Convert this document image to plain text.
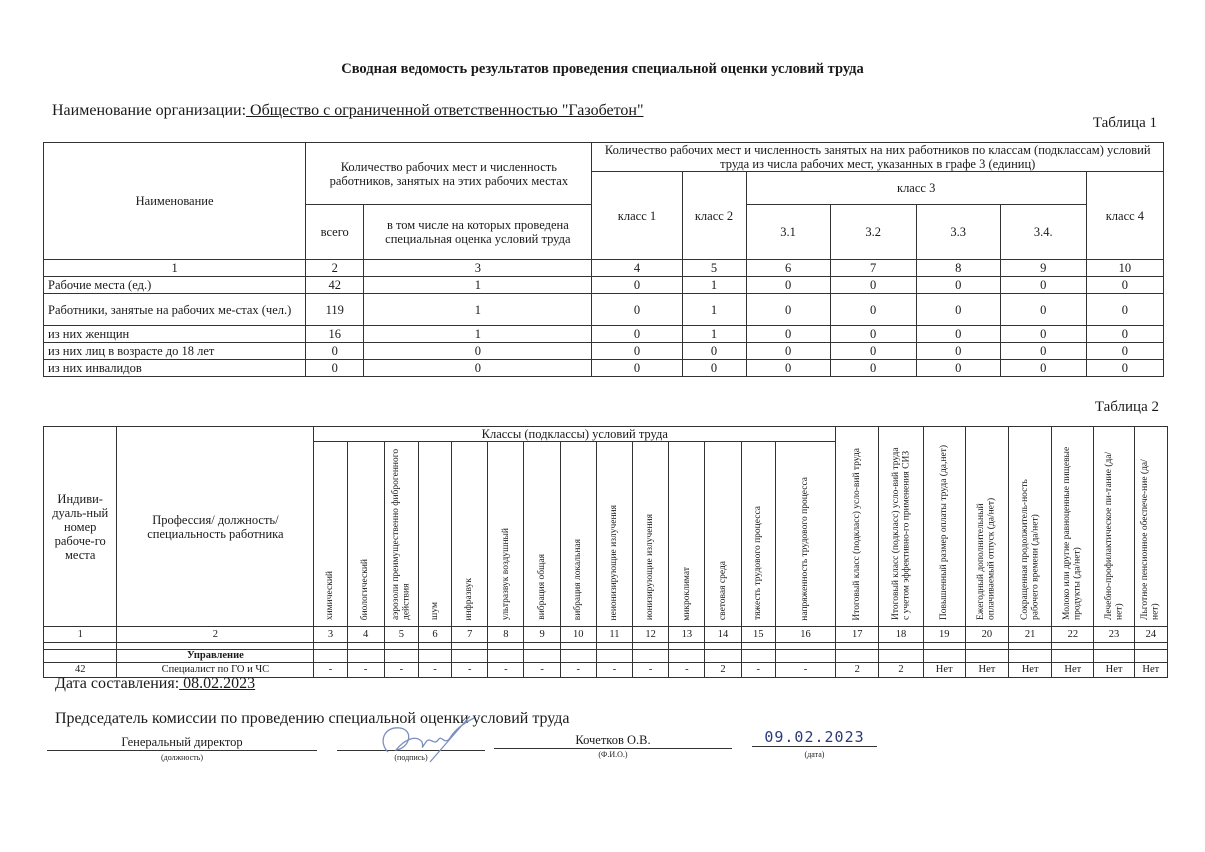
Сводная ведомость результатов проведения специальной оценки условий труда
Наименование организации: Общество с ограниченной ответственностью "Газобетон"
Таблица 1
Наименование	Количество рабочих мест и численность работников, занятых на этих рабочих местах		Количество рабочих мест и численность занятых на них работников по классам (подклассам) условий труда из числа рабочих мест, указанных в графе 3 (единиц)						
			класс 1	класс 2	класс 3				класс 4
	всего	в том числе на которых проведена специальная оценка условий труда			3.1	3.2	3.3	3.4.	
1	2	3	4	5	6	7	8	9	10
Рабочие места (ед.)	42	1	0	1	0	0	0	0	0
Работники, занятые на рабочих ме-стах (чел.)	119	1	0	1	0	0	0	0	0
из них женщин	16	1	0	1	0	0	0	0	0
из них лиц в возрасте до 18 лет	0	0	0	0	0	0	0	0	0
из них инвалидов	0	0	0	0	0	0	0	0	0
Таблица 2
Индиви-дуаль-ный номер рабоче-го места	Профессия/ должность/ специальность работника	Классы (подклассы) условий труда														Итоговый класс (подкласс) усло-вий труда	Итоговый класс (подкласс) усло-вий труда с учетом эффективно-го применения СИЗ	Повышенный размер оплаты труда (да,нет)	Ежегодный дополнительный оплачиваемый отпуск (да/нет)	Сокращенная продолжитель-ность рабочего времени (да/нет)	Молоко или другие равноценные пищевые продукты (да/нет)	Лечебно-профилактическое пи-тание (да/нет)	Льготное пенсионное обеспече-ние (да/нет)
		химический	биологический	аэрозоли преимущественно фиброгенного действия	шум	инфразвук	ультразвук воздушный	вибрация общая	вибрация локальная	неионизирующие излучения	ионизирующие излучения	микроклимат	световая среда	тяжесть трудового процесса	напряженность трудового процесса								
1	2	3	4	5	6	7	8	9	10	11	12	13	14	15	16	17	18	19	20	21	22	23	24

	Управление																						
42	Специалист по ГО и ЧС	-	-	-	-	-	-	-	-	-	-	-	2	-	-	2	2	Нет	Нет	Нет	Нет	Нет	Нет
Дата составления: 08.02.2023
Председатель комиссии по проведению специальной оценки условий труда
Генеральный директор	Кочетков О.В.	09.02.2023
(должность)	(подпись)	(Ф.И.О.)	(дата)
